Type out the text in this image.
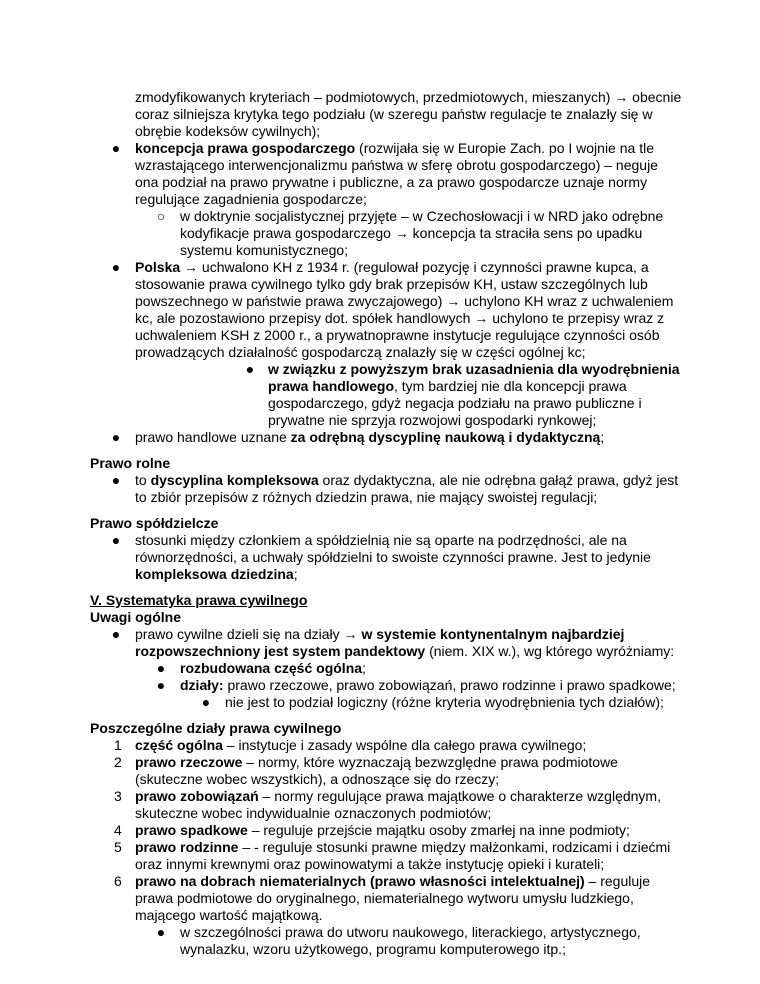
zmodyfikowanych kryteriach – podmiotowych, przedmiotowych, mieszanych) → obecnie
coraz silniejsza krytyka tego podziału (w szeregu państw regulacje te znalazły się w
obrębie kodeksów cywilnych);
● koncepcja prawa gospodarczego (rozwijała się w Europie Zach. po I wojnie na tle
wzrastającego interwencjonalizmu państwa w sferę obrotu gospodarczego) – neguje
ona podział na prawo prywatne i publiczne, a za prawo gospodarcze uznaje normy
regulujące zagadnienia gospodarcze;
○ w doktrynie socjalistycznej przyjęte – w Czechosłowacji i w NRD jako odrębne
kodyfikacje prawa gospodarczego → koncepcja ta straciła sens po upadku
systemu komunistycznego;
● Polska → uchwalono KH z 1934 r. (regulował pozycję i czynności prawne kupca, a
stosowanie prawa cywilnego tylko gdy brak przepisów KH, ustaw szczególnych lub
powszechnego w państwie prawa zwyczajowego) → uchylono KH wraz z uchwaleniem
kc, ale pozostawiono przepisy dot. spółek handlowych → uchylono te przepisy wraz z
uchwaleniem KSH z 2000 r., a prywatnoprawne instytucje regulujące czynności osób
prowadzących działalność gospodarczą znalazły się w części ogólnej kc;
● w związku z powyższym brak uzasadnienia dla wyodrębnienia
prawa handlowego, tym bardziej nie dla koncepcji prawa
gospodarczego, gdyż negacja podziału na prawo publiczne i
prywatne nie sprzyja rozwojowi gospodarki rynkowej;
● prawo handlowe uznane za odrębną dyscyplinę naukową i dydaktyczną;
Prawo rolne
● to dyscyplina kompleksowa oraz dydaktyczna, ale nie odrębna gałąź prawa, gdyż jest
to zbiór przepisów z różnych dziedzin prawa, nie mający swoistej regulacji;
Prawo spółdzielcze
● stosunki między członkiem a spółdzielnią nie są oparte na podrzędności, ale na
równorzędności, a uchwały spółdzielni to swoiste czynności prawne. Jest to jedynie
kompleksowa dziedzina;
V. Systematyka prawa cywilnego
Uwagi ogólne
● prawo cywilne dzieli się na działy → w systemie kontynentalnym najbardziej
rozpowszechniony jest system pandektowy (niem. XIX w.), wg którego wyróżniamy:
● rozbudowana część ogólna;
● działy: prawo rzeczowe, prawo zobowiązań, prawo rodzinne i prawo spadkowe;
● nie jest to podział logiczny (różne kryteria wyodrębnienia tych działów);
Poszczególne działy prawa cywilnego
1 część ogólna – instytucje i zasady wspólne dla całego prawa cywilnego;
2 prawo rzeczowe – normy, które wyznaczają bezwzględne prawa podmiotowe
(skuteczne wobec wszystkich), a odnoszące się do rzeczy;
3 prawo zobowiązań – normy regulujące prawa majątkowe o charakterze względnym,
skuteczne wobec indywidualnie oznaczonych podmiotów;
4 prawo spadkowe – reguluje przejście majątku osoby zmarłej na inne podmioty;
5 prawo rodzinne – - reguluje stosunki prawne między małżonkami, rodzicami i dziećmi
oraz innymi krewnymi oraz powinowatymi a także instytucję opieki i kurateli;
6 prawo na dobrach niematerialnych (prawo własności intelektualnej) – reguluje
prawa podmiotowe do oryginalnego, niematerialnego wytworu umysłu ludzkiego,
mającego wartość majątkową.
● w szczególności prawa do utworu naukowego, literackiego, artystycznego,
wynalazku, wzoru użytkowego, programu komputerowego itp.;
